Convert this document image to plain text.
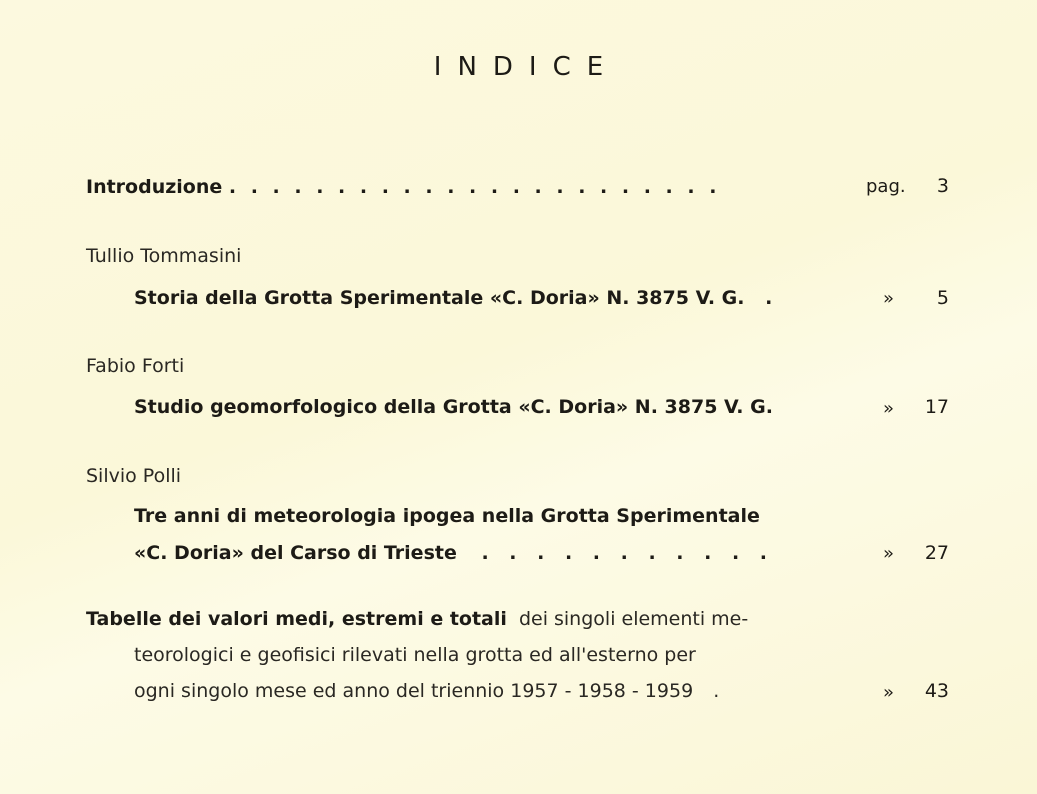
INDICE
Introduzione . . . . . . . . . . . . . . . . . . . . . . .	pag.	3
Tullio Tommasini
Storia della Grotta Sperimentale «C. Doria» N. 3875 V. G. .	»	5
Fabio Forti
Studio geomorfologico della Grotta «C. Doria» N. 3875 V. G.	»	17
Silvio Polli
Tre anni di meteorologia ipogea nella Grotta Sperimentale
«C. Doria» del Carso di Trieste . . . . . . . . . . .	»	27
Tabelle dei valori medi, estremi e totali dei singoli elementi me-
teorologici e geofisici rilevati nella grotta ed all'esterno per
ogni singolo mese ed anno del triennio 1957 - 1958 - 1959 .	»	43
